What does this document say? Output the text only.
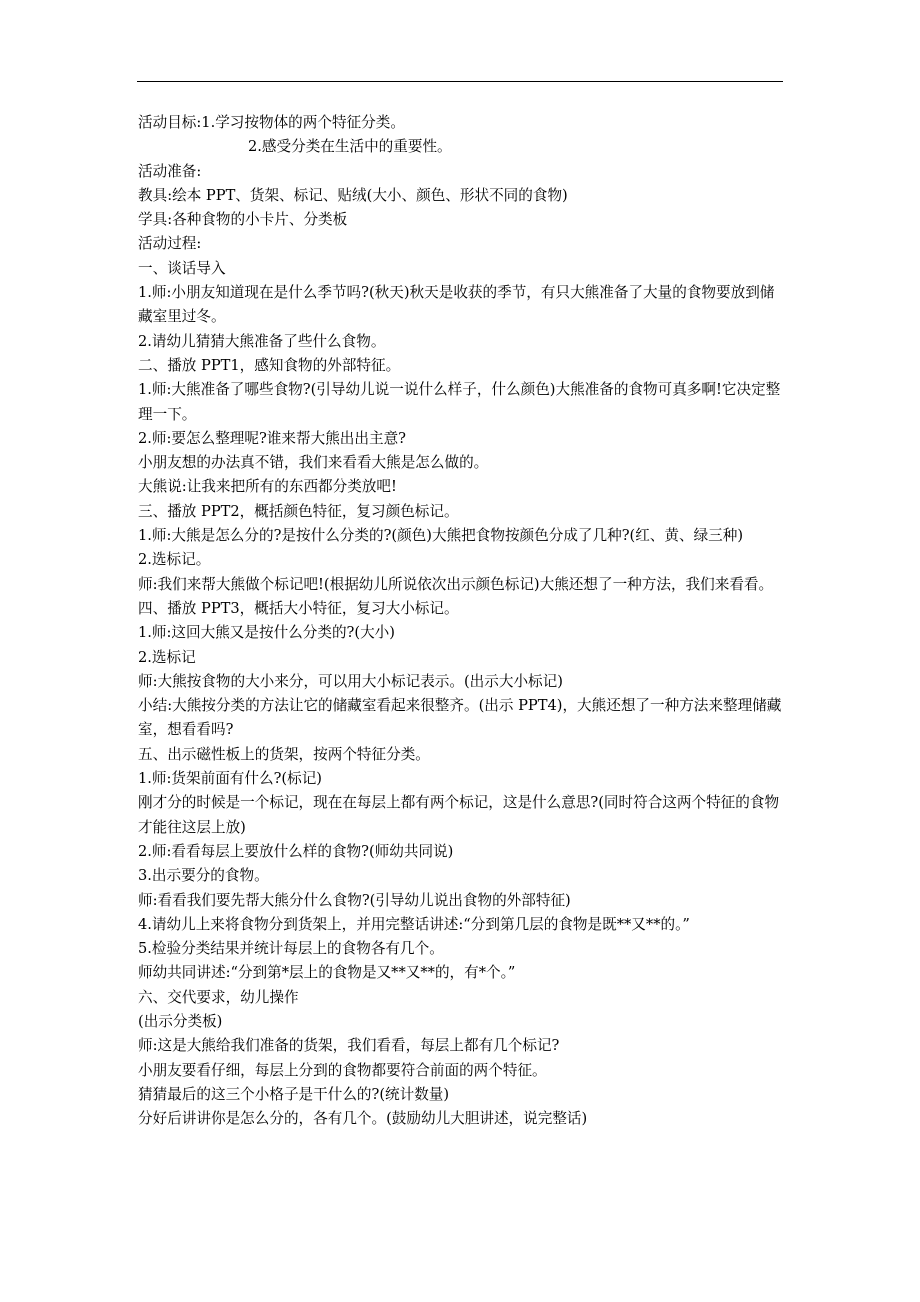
活动目标:1.学习按物体的两个特征分类。

2.感受分类在生活中的重要性。

活动准备:

教具:绘本 PPT、货架、标记、贴绒(大小、颜色、形状不同的食物)

学具:各种食物的小卡片、分类板

活动过程:

一、谈话导入

1.师:小朋友知道现在是什么季节吗?(秋天)秋天是收获的季节，有只大熊准备了大量的食物要放到储藏室里过冬。

2.请幼儿猜猜大熊准备了些什么食物。

二、播放 PPT1，感知食物的外部特征。

1.师:大熊准备了哪些食物?(引导幼儿说一说什么样子，什么颜色)大熊准备的食物可真多啊!它决定整理一下。

2.师:要怎么整理呢?谁来帮大熊出出主意?

小朋友想的办法真不错，我们来看看大熊是怎么做的。

大熊说:让我来把所有的东西都分类放吧!

三、播放 PPT2，概括颜色特征，复习颜色标记。

1.师:大熊是怎么分的?是按什么分类的?(颜色)大熊把食物按颜色分成了几种?(红、黄、绿三种)

2.选标记。

师:我们来帮大熊做个标记吧!(根据幼儿所说依次出示颜色标记)大熊还想了一种方法，我们来看看。

四、播放 PPT3，概括大小特征，复习大小标记。

1.师:这回大熊又是按什么分类的?(大小)

2.选标记

师:大熊按食物的大小来分，可以用大小标记表示。(出示大小标记)

小结:大熊按分类的方法让它的储藏室看起来很整齐。(出示 PPT4)，大熊还想了一种方法来整理储藏室，想看看吗?

五、出示磁性板上的货架，按两个特征分类。

1.师:货架前面有什么?(标记)

刚才分的时候是一个标记，现在在每层上都有两个标记，这是什么意思?(同时符合这两个特征的食物才能往这层上放)

2.师:看看每层上要放什么样的食物?(师幼共同说)

3.出示要分的食物。

师:看看我们要先帮大熊分什么食物?(引导幼儿说出食物的外部特征)

4.请幼儿上来将食物分到货架上，并用完整话讲述:“分到第几层的食物是既**又**的。”

5.检验分类结果并统计每层上的食物各有几个。

师幼共同讲述:“分到第*层上的食物是又**又**的，有*个。”

六、交代要求，幼儿操作

(出示分类板)

师:这是大熊给我们准备的货架，我们看看，每层上都有几个标记?

小朋友要看仔细，每层上分到的食物都要符合前面的两个特征。

猜猜最后的这三个小格子是干什么的?(统计数量)

分好后讲讲你是怎么分的，各有几个。(鼓励幼儿大胆讲述，说完整话)
